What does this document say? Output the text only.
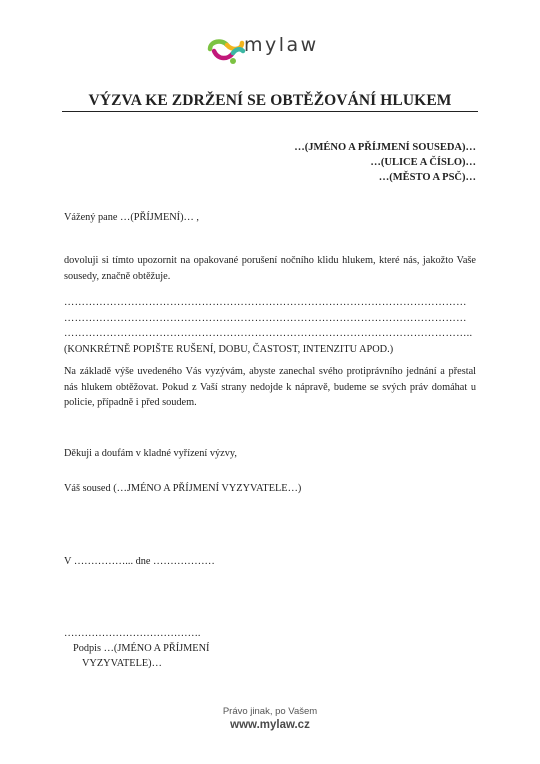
mylaw
VÝZVA KE ZDRŽENÍ SE OBTĚŽOVÁNÍ HLUKEM
…(JMÉNO A PŘÍJMENÍ SOUSEDA)…
…(ULICE A ČÍSLO)…
…(MĚSTO A PSČ)…
Vážený pane …(PŘÍJMENÍ)… ,
dovoluji si tímto upozornit na opakované porušení nočního klidu hlukem, které nás, jakožto Vaše sousedy, značně obtěžuje.
……………………………………………………………………………………………………
……………………………………………………………………………………………………
……………………………………………………………………………………………………..
(KONKRÉTNĚ POPIŠTE RUŠENÍ, DOBU, ČASTOST, INTENZITU APOD.)
Na základě výše uvedeného Vás vyzývám, abyste zanechal svého protiprávního jednání a přestal nás hlukem obtěžovat. Pokud z Vaší strany nedojde k nápravě, budeme se svých práv domáhat u policie, případně i před soudem.
Děkuji a doufám v kladné vyřízení výzvy,
Váš soused (…JMÉNO A PŘÍJMENÍ VYZYVATELE…)
V ……………... dne ………………
………………………………….
Podpis …(JMÉNO A PŘÍJMENÍ
VYZYVATELE)…
Právo jinak, po Vašem
www.mylaw.cz
